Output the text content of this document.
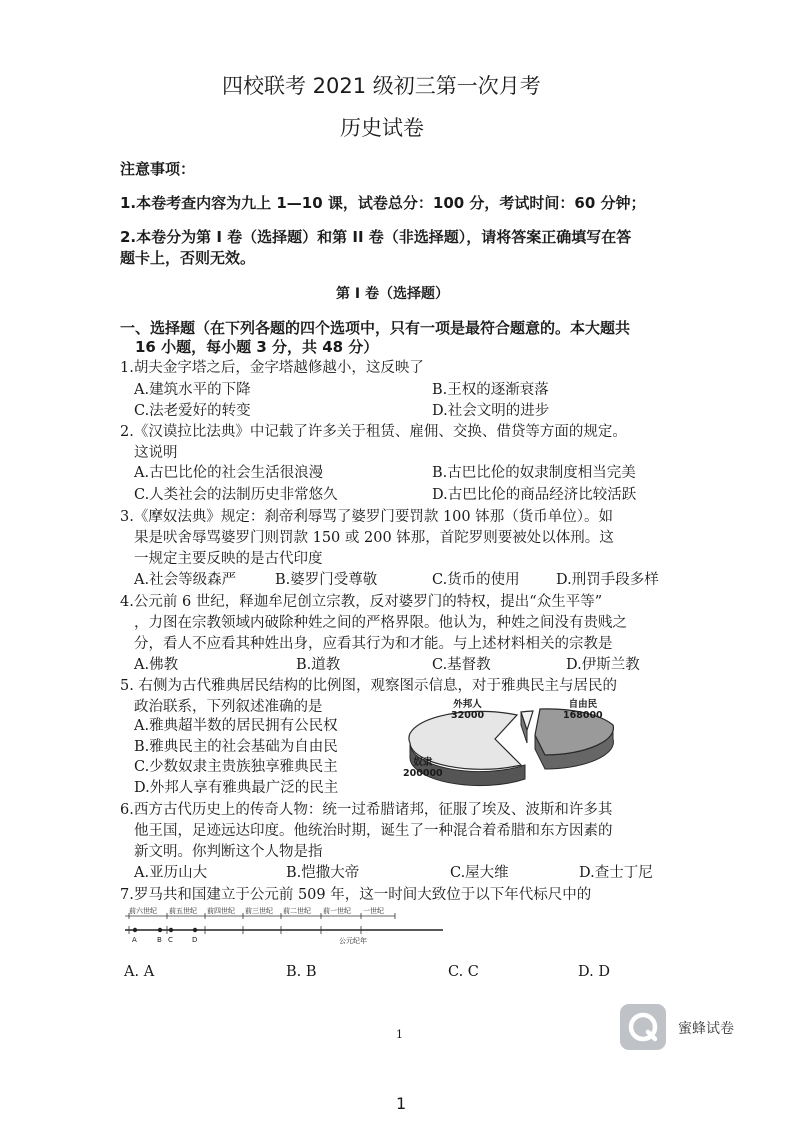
四校联考 2021 级初三第一次月考
历史试卷
注意事项：
1.本卷考查内容为九上 1—10 课，试卷总分：100 分，考试时间：60 分钟；
2.本卷分为第 I 卷（选择题）和第 II 卷（非选择题），请将答案正确填写在答
题卡上，否则无效。
第 I 卷（选择题）
一、选择题（在下列各题的四个选项中，只有一项是最符合题意的。本大题共
16 小题，每小题 3 分，共 48 分）
1.胡夫金字塔之后，金字塔越修越小，这反映了
A.建筑水平的下降	B.王权的逐渐衰落
C.法老爱好的转变	D.社会文明的进步
2.《汉谟拉比法典》中记载了许多关于租赁、雇佣、交换、借贷等方面的规定。
这说明
A.古巴比伦的社会生活很浪漫	B.古巴比伦的奴隶制度相当完美
C.人类社会的法制历史非常悠久	D.古巴比伦的商品经济比较活跃
3.《摩奴法典》规定：刹帝利辱骂了婆罗门要罚款 100 钵那（货币单位）。如
果是吠舍辱骂婆罗门则罚款 150 或 200 钵那，首陀罗则要被处以体刑。这
一规定主要反映的是古代印度
A.社会等级森严	B.婆罗门受尊敬	C.货币的使用	D.刑罚手段多样
4.公元前 6 世纪，释迦牟尼创立宗教，反对婆罗门的特权，提出“众生平等”
，力图在宗教领域内破除种姓之间的严格界限。他认为，种姓之间没有贵贱之
分，看人不应看其种姓出身，应看其行为和才能。与上述材料相关的宗教是
A.佛教	B.道教	C.基督教	D.伊斯兰教
5. 右侧为古代雅典居民结构的比例图，观察图示信息，对于雅典民主与居民的
政治联系，下列叙述准确的是
A.雅典超半数的居民拥有公民权
B.雅典民主的社会基础为自由民
C.少数奴隶主贵族独享雅典民主
D.外邦人享有雅典最广泛的民主
外邦人
32000
自由民
168000
奴隶
200000
6.西方古代历史上的传奇人物：统一过希腊诸邦，征服了埃及、波斯和许多其
他王国，足迹远达印度。他统治时期，诞生了一种混合着希腊和东方因素的
新文明。你判断这个人物是指
A.亚历山大	B.恺撒大帝	C.屋大维	D.查士丁尼
7.罗马共和国建立于公元前 509 年，这一时间大致位于以下年代标尺中的
前六世纪 前五世纪 前四世纪 前三世纪 前二世纪 前一世纪 一世纪
A	B C	D	公元纪年
A. A	B. B	C. C	D. D
1	蜜蜂试卷
1
